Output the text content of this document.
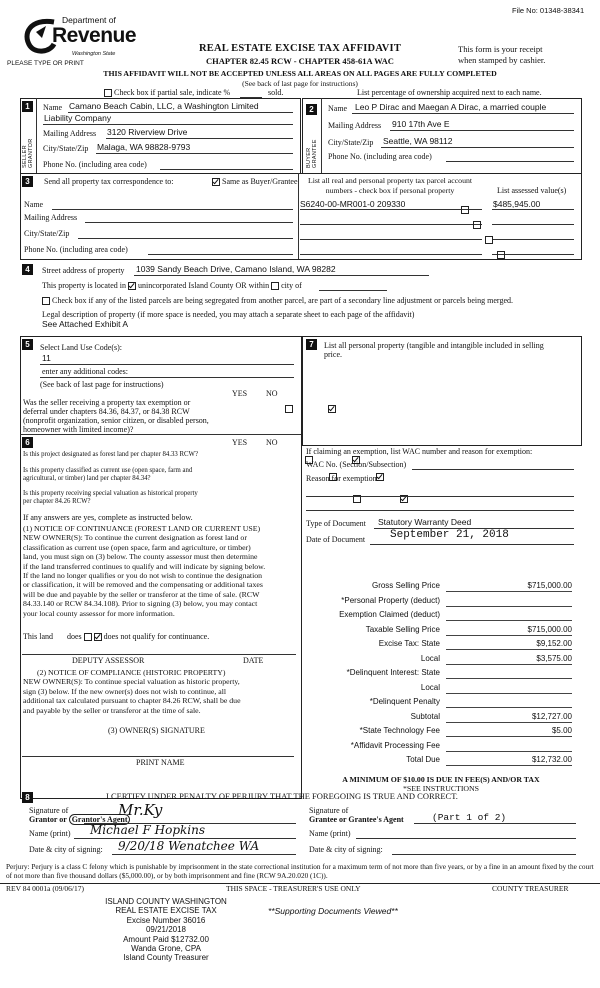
File No: 01348-38341
Department of
Revenue
Washington State
PLEASE TYPE OR PRINT
REAL ESTATE EXCISE TAX AFFIDAVIT
CHAPTER 82.45 RCW - CHAPTER 458-61A WAC
This form is your receipt
when stamped by cashier.
THIS AFFIDAVIT WILL NOT BE ACCEPTED UNLESS ALL AREAS ON ALL PAGES ARE FULLY COMPLETED
(See back of last page for instructions)
Check box if partial sale, indicate %	sold.	List percentage of ownership acquired next to each name.
1
SELLER GRANTOR
Name Camano Beach Cabin, LLC, a Washington Limited
Liability Company
Mailing Address 3120 Riverview Drive
City/State/Zip Malaga, WA 98828-9793
Phone No. (including area code)
2
BUYER GRANTEE
Name Leo P Dirac and Maegan A Dirac, a married couple
Mailing Address 910 17th Ave E
City/State/Zip Seattle, WA 98112
Phone No. (including area code)
3	Send all property tax correspondence to:	Same as Buyer/Grantee
Name
Mailing Address
City/State/Zip
Phone No. (including area code)
List all real and personal property tax parcel account
numbers - check box if personal property	List assessed value(s)
S6240-00-MR001-0 209330	$485,945.00

4	Street address of property 1039 Sandy Beach Drive, Camano Island, WA 98282
This property is located in unincorporated Island County OR within city of
Check box if any of the listed parcels are being segregated from another parcel, are part of a secondary line adjustment or parcels being merged.
Legal description of property (if more space is needed, you may attach a separate sheet to each page of the affidavit)
See Attached Exhibit A
5	Select Land Use Code(s):
11
enter any additional codes:
(See back of last page for instructions)
YES NO
Was the seller receiving a property tax exemption or
deferral under chapters 84.36, 84.37, or 84.38 RCW
(nonprofit organization, senior citizen, or disabled person,
homeowner with limited income)?

6	YES NO
Is this project designated as forest land per chapter 84.33 RCW?

Is this property classified as current use (open space, farm and
agricultural, or timber) land per chapter 84.34?

Is this property receiving special valuation as historical property
per chapter 84.26 RCW?

If any answers are yes, complete as instructed below.
(1) NOTICE OF CONTINUANCE (FOREST LAND OR CURRENT USE)
NEW OWNER(S): To continue the current designation as forest land or
classification as current use (open space, farm and agriculture, or timber)
land, you must sign on (3) below. The county assessor must then determine
if the land transferred continues to qualify and will indicate by signing below.
If the land no longer qualifies or you do not wish to continue the designation
or classification, it will be removed and the compensating or additional taxes
will be due and payable by the seller or transferor at the time of sale. (RCW
84.33.140 or RCW 84.34.108). Prior to signing (3) below, you may contact
your local county assessor for more information.
This land does	does not qualify for continuance.
DEPUTY ASSESSOR	DATE
(2) NOTICE OF COMPLIANCE (HISTORIC PROPERTY)
NEW OWNER(S): To continue special valuation as historic property,
sign (3) below. If the new owner(s) does not wish to continue, all
additional tax calculated pursuant to chapter 84.26 RCW, shall be due
and payable by the seller or transferor at the time of sale.
(3) OWNER(S) SIGNATURE
PRINT NAME
7	List all personal property (tangible and intangible included in selling
price.
If claiming an exemption, list WAC number and reason for exemption:
WAC No. (Section/Subsection)
Reason for exemption:
Type of Document Statutory Warranty Deed
Date of Document September 21, 2018
Gross Selling Price	$715,000.00
*Personal Property (deduct)
Exemption Claimed (deduct)
Taxable Selling Price	$715,000.00
Excise Tax: State	$9,152.00
Local	$3,575.00
*Delinquent Interest: State
Local
*Delinquent Penalty
Subtotal	$12,727.00
*State Technology Fee	$5.00
*Affidavit Processing Fee
Total Due	$12,732.00
A MINIMUM OF $10.00 IS DUE IN FEE(S) AND/OR TAX
*SEE INSTRUCTIONS
8	I CERTIFY UNDER PENALTY OF PERJURY THAT THE FOREGOING IS TRUE AND CORRECT.
Signature of
Grantor or Grantor's Agent
Mr.Ky
Name (print) Michael F Hopkins
Date & city of signing: 9/20/18 Wenatchee WA
Signature of
Grantee or Grantee's Agent	(Part 1 of 2)
Name (print)
Date & city of signing:
Perjury: Perjury is a class C felony which is punishable by imprisonment in the state correctional institution for a maximum term of not more than five years, or by a fine in an amount fixed by the court of not more than five thousand dollars ($5,000.00), or by both imprisonment and fine (RCW 9A.20.020 (1C)).
REV 84 0001a (09/06/17)	THIS SPACE - TREASURER'S USE ONLY	COUNTY TREASURER
ISLAND COUNTY WASHINGTON
REAL ESTATE EXCISE TAX
Excise Number 36016
09/21/2018
Amount Paid $12732.00
Wanda Grone, CPA
Island County Treasurer
**Supporting Documents Viewed**
